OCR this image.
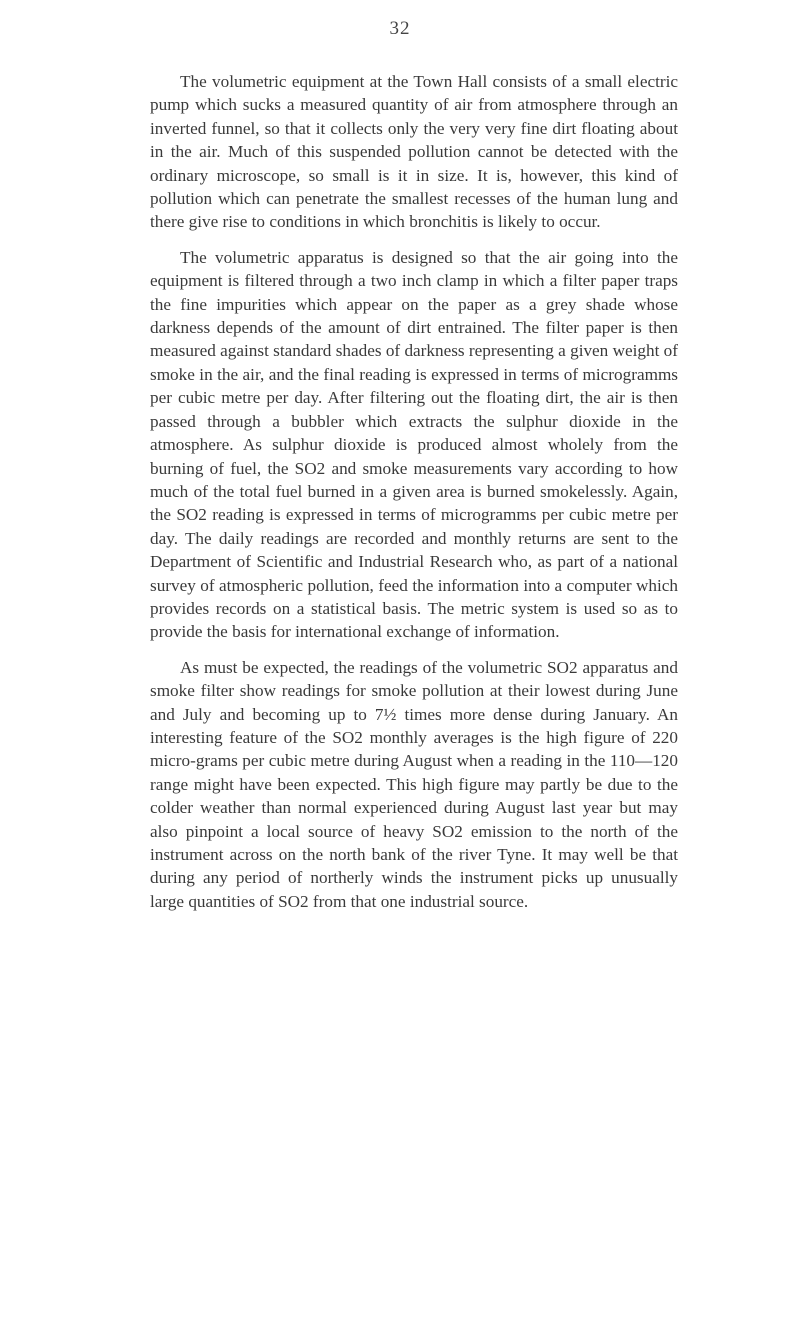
32

The volumetric equipment at the Town Hall consists of a small electric pump which sucks a measured quantity of air from atmosphere through an inverted funnel, so that it collects only the very very fine dirt floating about in the air. Much of this suspended pollution cannot be detected with the ordinary microscope, so small is it in size. It is, however, this kind of pollution which can penetrate the smallest recesses of the human lung and there give rise to conditions in which bronchitis is likely to occur.

The volumetric apparatus is designed so that the air going into the equipment is filtered through a two inch clamp in which a filter paper traps the fine impurities which appear on the paper as a grey shade whose darkness depends of the amount of dirt entrained. The filter paper is then measured against standard shades of darkness representing a given weight of smoke in the air, and the final reading is expressed in terms of microgramms per cubic metre per day. After filtering out the floating dirt, the air is then passed through a bubbler which extracts the sulphur dioxide in the atmosphere. As sulphur dioxide is produced almost wholely from the burning of fuel, the SO2 and smoke measurements vary according to how much of the total fuel burned in a given area is burned smokelessly. Again, the SO2 reading is expressed in terms of microgramms per cubic metre per day. The daily readings are recorded and monthly returns are sent to the Department of Scientific and Industrial Research who, as part of a national survey of atmospheric pollution, feed the information into a computer which provides records on a statistical basis. The metric system is used so as to provide the basis for international exchange of information.

As must be expected, the readings of the volumetric SO2 apparatus and smoke filter show readings for smoke pollution at their lowest during June and July and becoming up to 7½ times more dense during January. An interesting feature of the SO2 monthly averages is the high figure of 220 micro-grams per cubic metre during August when a reading in the 110—120 range might have been expected. This high figure may partly be due to the colder weather than normal experienced during August last year but may also pinpoint a local source of heavy SO2 emission to the north of the instrument across on the north bank of the river Tyne. It may well be that during any period of northerly winds the instrument picks up unusually large quantities of SO2 from that one industrial source.
